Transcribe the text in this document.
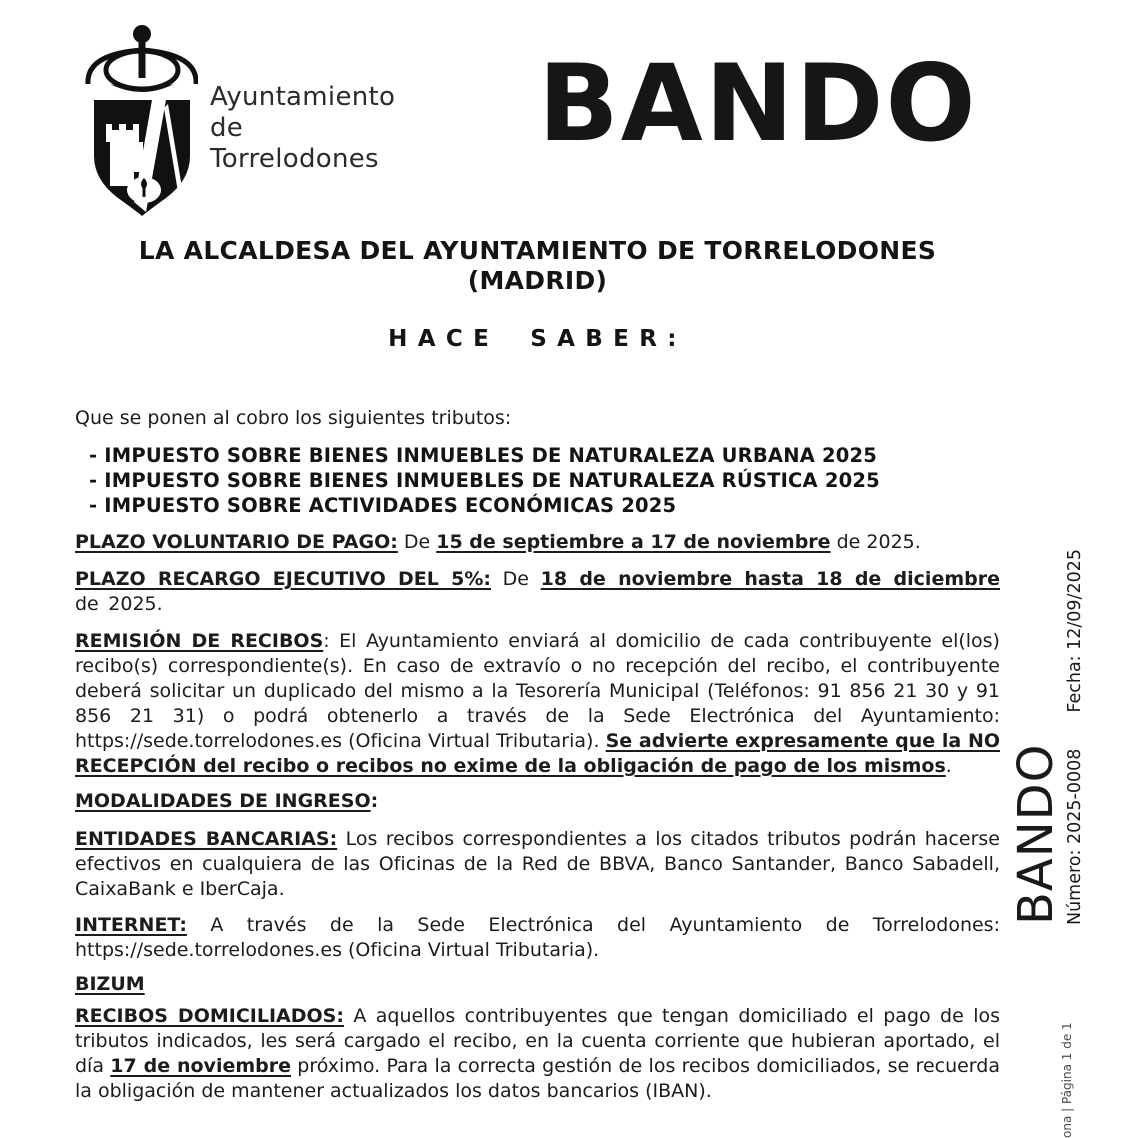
Ayuntamiento
de
Torrelodones BANDO
LA ALCALDESA DEL AYUNTAMIENTO DE TORRELODONES
(MADRID)
HACE SABER:

Que se ponen al cobro los siguientes tributos:

- IMPUESTO SOBRE BIENES INMUEBLES DE NATURALEZA URBANA 2025
- IMPUESTO SOBRE BIENES INMUEBLES DE NATURALEZA RÚSTICA 2025
- IMPUESTO SOBRE ACTIVIDADES ECONÓMICAS 2025

PLAZO VOLUNTARIO DE PAGO: De 15 de septiembre a 17 de noviembre de 2025.

PLAZO RECARGO EJECUTIVO DEL 5%: De 18 de noviembre hasta 18 de diciembre de 2025.

REMISIÓN DE RECIBOS: El Ayuntamiento enviará al domicilio de cada contribuyente el(los) recibo(s) correspondiente(s). En caso de extravío o no recepción del recibo, el contribuyente deberá solicitar un duplicado del mismo a la Tesorería Municipal (Teléfonos: 91 856 21 30 y 91 856 21 31) o podrá obtenerlo a través de la Sede Electrónica del Ayuntamiento: https://sede.torrelodones.es (Oficina Virtual Tributaria). Se advierte expresamente que la NO RECEPCIÓN del recibo o recibos no exime de la obligación de pago de los mismos.

MODALIDADES DE INGRESO:

ENTIDADES BANCARIAS: Los recibos correspondientes a los citados tributos podrán hacerse efectivos en cualquiera de las Oficinas de la Red de BBVA, Banco Santander, Banco Sabadell, CaixaBank e IberCaja.

INTERNET: A través de la Sede Electrónica del Ayuntamiento de Torrelodones: https://sede.torrelodones.es (Oficina Virtual Tributaria).

BIZUM

RECIBOS DOMICILIADOS: A aquellos contribuyentes que tengan domiciliado el pago de los tributos indicados, les será cargado el recibo, en la cuenta corriente que hubieran aportado, el día 17 de noviembre próximo. Para la correcta gestión de los recibos domiciliados, se recuerda la obligación de mantener actualizados los datos bancarios (IBAN).

BANDO Número: 2025-0008
Fecha: 12/09/2025
ona | Página 1 de 1
